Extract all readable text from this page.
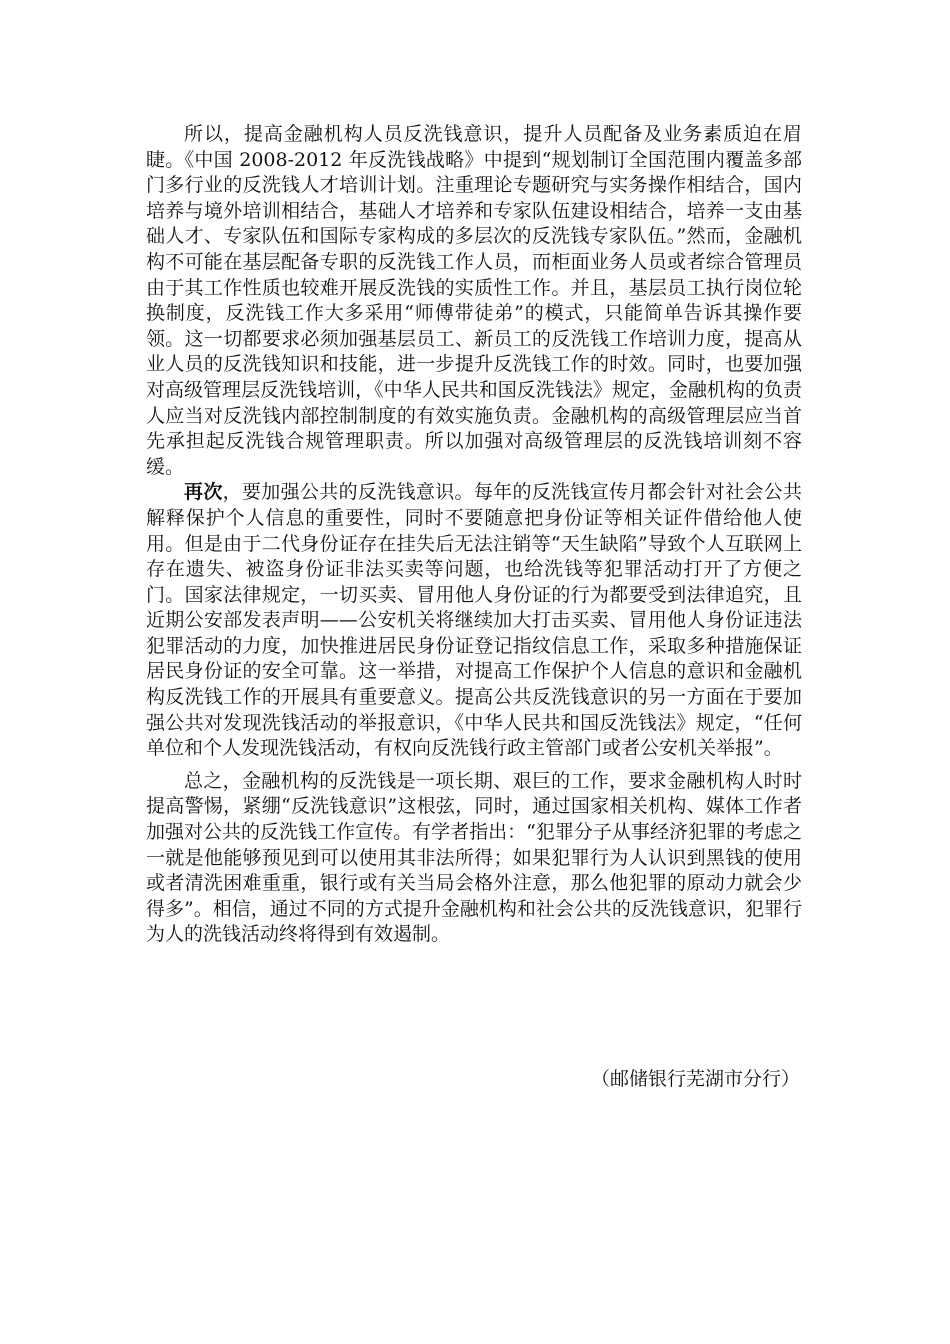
所以，提高金融机构人员反洗钱意识，提升人员配备及业务素质迫在眉睫。《中国 2008-2012 年反洗钱战略》中提到“规划制订全国范围内覆盖多部门多行业的反洗钱人才培训计划。注重理论专题研究与实务操作相结合，国内培养与境外培训相结合，基础人才培养和专家队伍建设相结合，培养一支由基础人才、专家队伍和国际专家构成的多层次的反洗钱专家队伍。”然而，金融机构不可能在基层配备专职的反洗钱工作人员，而柜面业务人员或者综合管理员由于其工作性质也较难开展反洗钱的实质性工作。并且，基层员工执行岗位轮换制度，反洗钱工作大多采用“师傅带徒弟”的模式，只能简单告诉其操作要领。这一切都要求必须加强基层员工、新员工的反洗钱工作培训力度，提高从业人员的反洗钱知识和技能，进一步提升反洗钱工作的时效。同时，也要加强对高级管理层反洗钱培训，《中华人民共和国反洗钱法》规定，金融机构的负责人应当对反洗钱内部控制制度的有效实施负责。金融机构的高级管理层应当首先承担起反洗钱合规管理职责。所以加强对高级管理层的反洗钱培训刻不容缓。

再次，要加强公共的反洗钱意识。每年的反洗钱宣传月都会针对社会公共解释保护个人信息的重要性，同时不要随意把身份证等相关证件借给他人使用。但是由于二代身份证存在挂失后无法注销等“天生缺陷”导致个人互联网上存在遗失、被盗身份证非法买卖等问题，也给洗钱等犯罪活动打开了方便之门。国家法律规定，一切买卖、冒用他人身份证的行为都要受到法律追究，且近期公安部发表声明——公安机关将继续加大打击买卖、冒用他人身份证违法犯罪活动的力度，加快推进居民身份证登记指纹信息工作，采取多种措施保证居民身份证的安全可靠。这一举措，对提高工作保护个人信息的意识和金融机构反洗钱工作的开展具有重要意义。提高公共反洗钱意识的另一方面在于要加强公共对发现洗钱活动的举报意识，《中华人民共和国反洗钱法》规定，“任何单位和个人发现洗钱活动，有权向反洗钱行政主管部门或者公安机关举报”。

总之，金融机构的反洗钱是一项长期、艰巨的工作，要求金融机构人时时提高警惕，紧绷“反洗钱意识”这根弦，同时，通过国家相关机构、媒体工作者加强对公共的反洗钱工作宣传。有学者指出：“犯罪分子从事经济犯罪的考虑之一就是他能够预见到可以使用其非法所得；如果犯罪行为人认识到黑钱的使用或者清洗困难重重，银行或有关当局会格外注意，那么他犯罪的原动力就会少得多”。相信，通过不同的方式提升金融机构和社会公共的反洗钱意识，犯罪行为人的洗钱活动终将得到有效遏制。

（邮储银行芜湖市分行）
